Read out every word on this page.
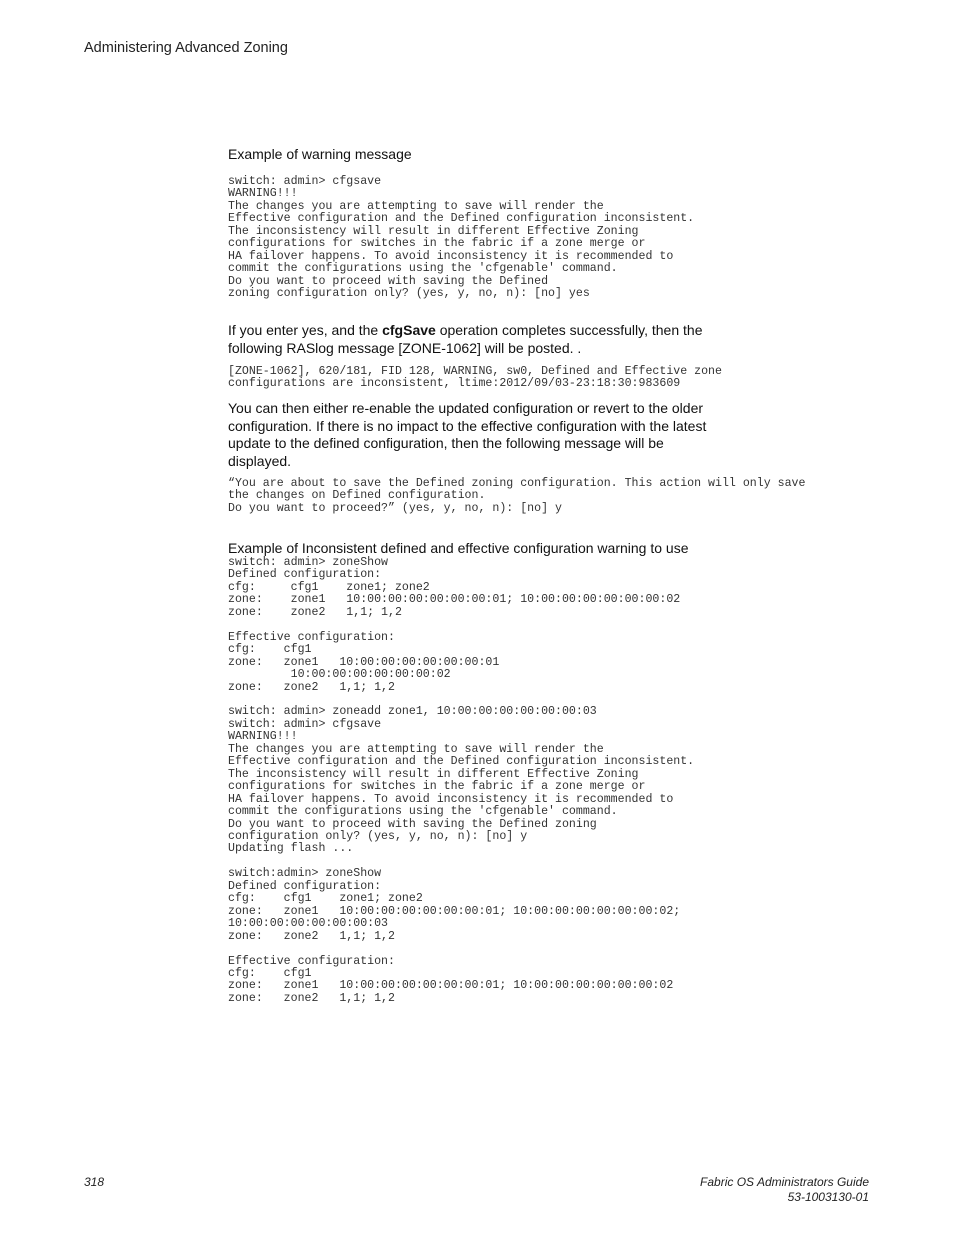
Administering Advanced Zoning

Example of warning message

switch: admin> cfgsave
WARNING!!!
The changes you are attempting to save will render the
Effective configuration and the Defined configuration inconsistent.
The inconsistency will result in different Effective Zoning
configurations for switches in the fabric if a zone merge or
HA failover happens. To avoid inconsistency it is recommended to
commit the configurations using the 'cfgenable' command.
Do you want to proceed with saving the Defined
zoning configuration only? (yes, y, no, n): [no] yes

If you enter yes, and the cfgSave operation completes successfully, then the following RASlog message [ZONE-1062] will be posted. .

[ZONE-1062], 620/181, FID 128, WARNING, sw0, Defined and Effective zone
configurations are inconsistent, ltime:2012/09/03-23:18:30:983609

You can then either re-enable the updated configuration or revert to the older configuration. If there is no impact to the effective configuration with the latest update to the defined configuration, then the following message will be displayed.

“You are about to save the Defined zoning configuration. This action will only save
the changes on Defined configuration.
Do you want to proceed?” (yes, y, no, n): [no] y

Example of Inconsistent defined and effective configuration warning to use

switch: admin> zoneShow
Defined configuration:
cfg:     cfg1    zone1; zone2
zone:    zone1   10:00:00:00:00:00:00:01; 10:00:00:00:00:00:00:02
zone:    zone2   1,1; 1,2

Effective configuration:
cfg:    cfg1
zone:   zone1   10:00:00:00:00:00:00:01
10:00:00:00:00:00:00:02
zone:   zone2   1,1; 1,2

switch: admin> zoneadd zone1, 10:00:00:00:00:00:00:03
switch: admin> cfgsave
WARNING!!!
The changes you are attempting to save will render the
Effective configuration and the Defined configuration inconsistent.
The inconsistency will result in different Effective Zoning
configurations for switches in the fabric if a zone merge or
HA failover happens. To avoid inconsistency it is recommended to
commit the configurations using the 'cfgenable' command.
Do you want to proceed with saving the Defined zoning
configuration only? (yes, y, no, n): [no] y
Updating flash ...

switch:admin> zoneShow
Defined configuration:
cfg:    cfg1    zone1; zone2
zone:   zone1   10:00:00:00:00:00:00:01; 10:00:00:00:00:00:00:02;
10:00:00:00:00:00:00:03
zone:   zone2   1,1; 1,2

Effective configuration:
cfg:    cfg1
zone:   zone1   10:00:00:00:00:00:00:01; 10:00:00:00:00:00:00:02
zone:   zone2   1,1; 1,2
318	Fabric OS Administrators Guide
53-1003130-01
